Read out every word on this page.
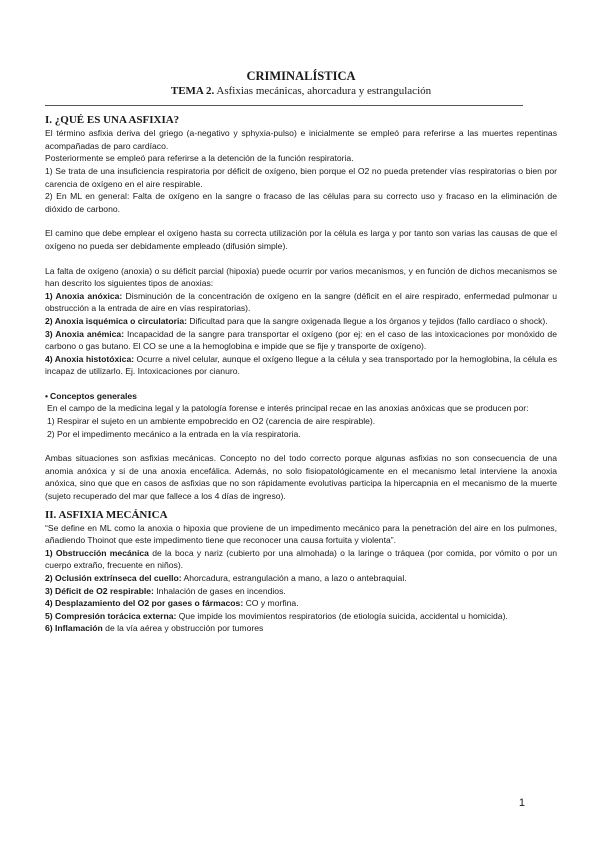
CRIMINALÍSTICA

TEMA 2. Asfixias mecánicas, ahorcadura y estrangulación

I. ¿QUÉ ES UNA ASFIXIA?

El término asfixia deriva del griego (a-negativo y sphyxia-pulso) e inicialmente se empleó para referirse a las muertes repentinas acompañadas de paro cardíaco.

Posteriormente se empleó para referirse a la detención de la función respiratoria.

1) Se trata de una insuficiencia respiratoria por déficit de oxígeno, bien porque el O2 no pueda pretender vías respiratorias o bien por carencia de oxígeno en el aire respirable.

2) En ML en general: Falta de oxígeno en la sangre o fracaso de las células para su correcto uso y fracaso en la eliminación de dióxido de carbono.

El camino que debe emplear el oxígeno hasta su correcta utilización por la célula es larga y por tanto son varias las causas de que el oxígeno no pueda ser debidamente empleado (difusión simple).

La falta de oxígeno (anoxia) o su déficit parcial (hipoxia) puede ocurrir por varios mecanismos, y en función de dichos mecanismos se han descrito los siguientes tipos de anoxias:

1) Anoxia anóxica: Disminución de la concentración de oxígeno en la sangre (déficit en el aire respirado, enfermedad pulmonar u obstrucción a la entrada de aire en vías respiratorias).

2) Anoxia isquémica o circulatoria: Dificultad para que la sangre oxigenada llegue a los órganos y tejidos (fallo cardíaco o shock).

3) Anoxia anémica: Incapacidad de la sangre para transportar el oxígeno (por ej: en el caso de las intoxicaciones por monóxido de carbono o gas butano. El CO se une a la hemoglobina e impide que se fije y transporte de oxígeno).

4) Anoxia histotóxica: Ocurre a nivel celular, aunque el oxígeno llegue a la célula y sea transportado por la hemoglobina, la célula es incapaz de utilizarlo. Ej. Intoxicaciones por cianuro.

• Conceptos generales

En el campo de la medicina legal y la patología forense e interés principal recae en las anoxias anóxicas que se producen por:

1) Respirar el sujeto en un ambiente empobrecido en O2 (carencia de aire respirable).

2) Por el impedimento mecánico a la entrada en la vía respiratoria.

Ambas situaciones son asfixias mecánicas. Concepto no del todo correcto porque algunas asfixias no son consecuencia de una anomia anóxica y si de una anoxia encefálica. Además, no solo fisiopatológicamente en el mecanismo letal interviene la anoxia anóxica, sino que que en casos de asfixias que no son rápidamente evolutivas participa la hipercapnia en el mecanismo de la muerte (sujeto recuperado del mar que fallece a los 4 días de ingreso).

II. ASFIXIA MECÁNICA

“Se define en ML como la anoxia o hipoxia que proviene de un impedimento mecánico para la penetración del aire en los pulmones, añadiendo Thoinot que este impedimento tiene que reconocer una causa fortuita y violenta”.

1) Obstrucción mecánica de la boca y nariz (cubierto por una almohada) o la laringe o tráquea (por comida, por vómito o por un cuerpo extraño, frecuente en niños).

2) Oclusión extrínseca del cuello: Ahorcadura, estrangulación a mano, a lazo o antebraquial.

3) Déficit de O2 respirable: Inhalación de gases en incendios.

4) Desplazamiento del O2 por gases o fármacos: CO y morfina.

5) Compresión torácica externa: Que impide los movimientos respiratorios (de etiología suicida, accidental u homicida).

6) Inflamación de la vía aérea y obstrucción por tumores

1
